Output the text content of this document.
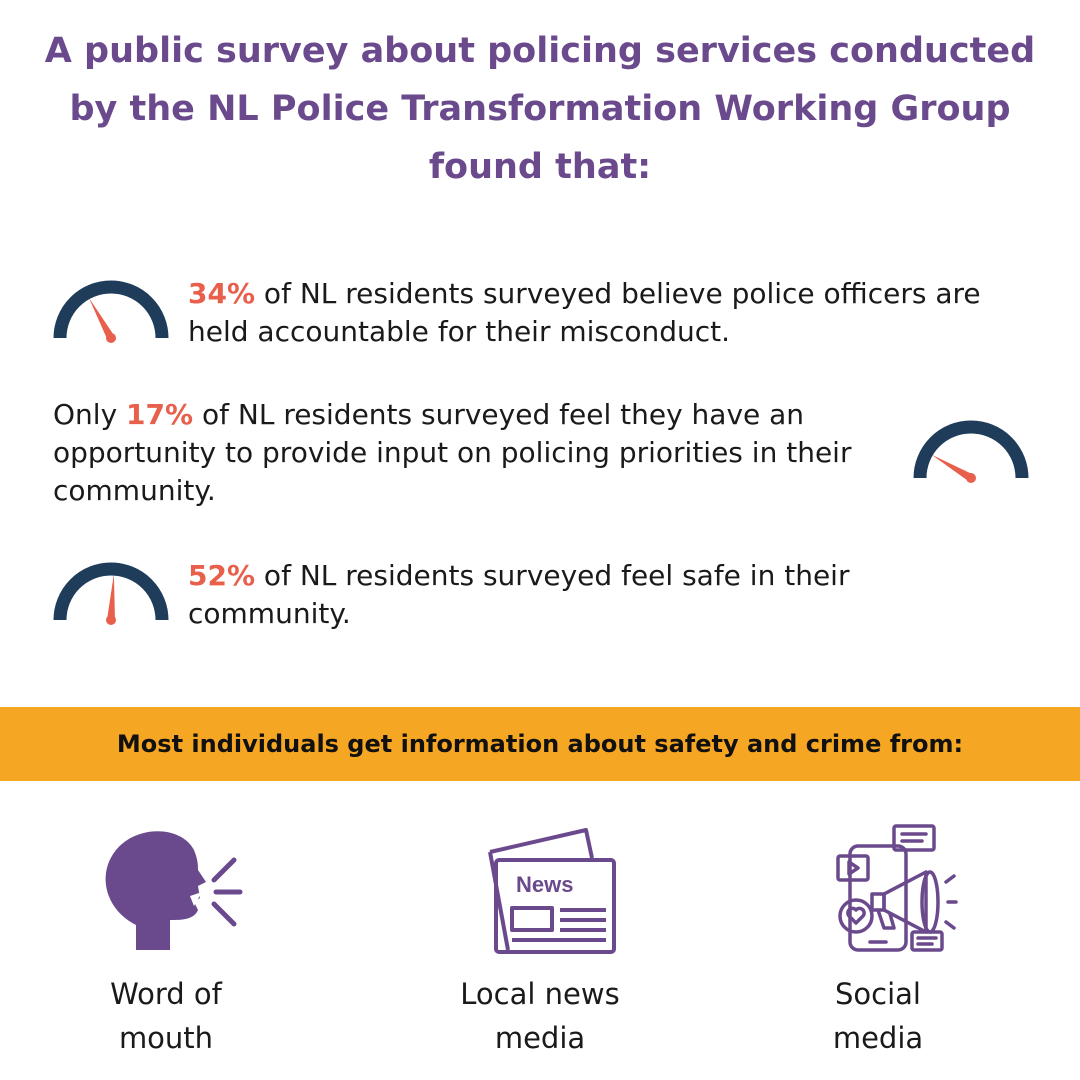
A public survey about policing services conducted by the NL Police Transformation Working Group found that:
34% of NL residents surveyed believe police officers are held accountable for their misconduct.
Only 17% of NL residents surveyed feel they have an opportunity to provide input on policing priorities in their community.
52% of NL residents surveyed feel safe in their community.
Most individuals get information about safety and crime from:
Word of
mouth
News
Local news
media
Social
media
